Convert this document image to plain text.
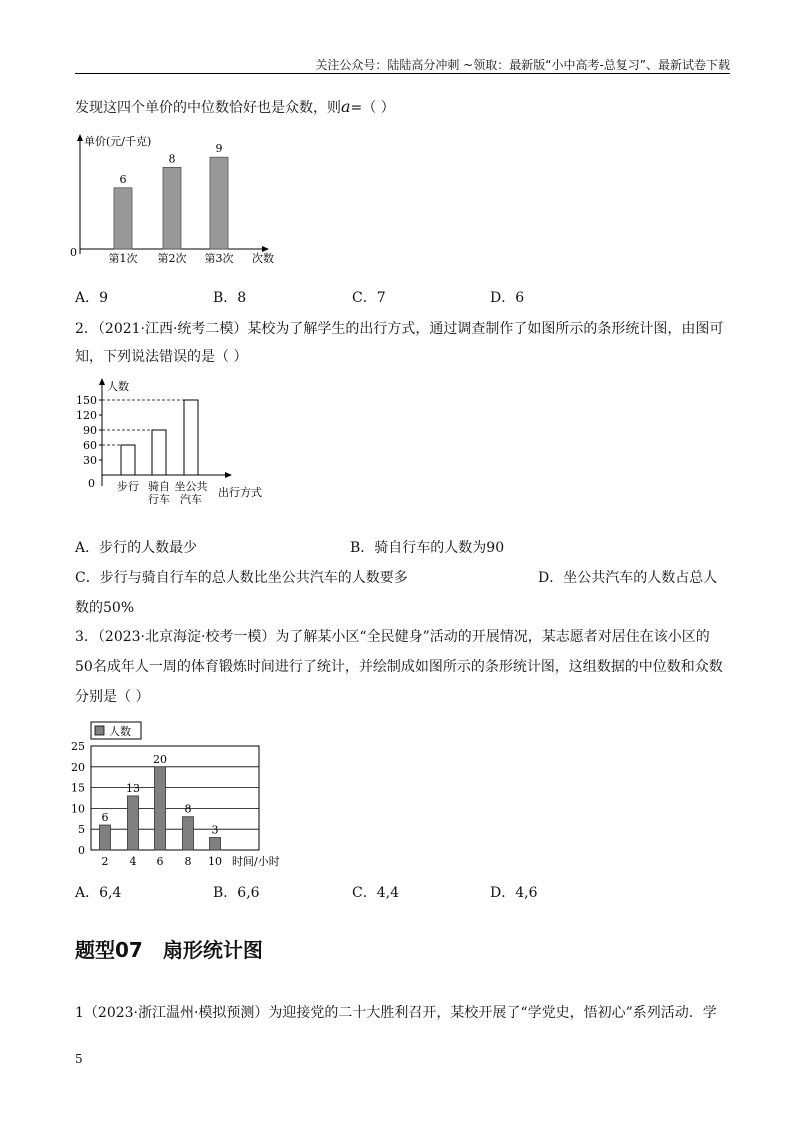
关注公众号：陆陆高分冲刺 ~领取：最新版“小中高考-总复习”、最新试卷下载
发现这四个单价的中位数恰好也是众数，则a=（ ）
单价(元/千克)
0
6
第1次
8
第2次
9
第3次 次数
A．9	B．8	C．7	D．6
2．（2021·江西·统考二模）某校为了解学生的出行方式，通过调查制作了如图所示的条形统计图，由图可
知，下列说法错误的是（ ）
人数
0
150
120
90
60
30
步行 骑自
行车
坐公共
汽车
出行方式
A．步行的人数最少	B．骑自行车的人数为90
C．步行与骑自行车的总人数比坐公共汽车的人数要多	D．坐公共汽车的人数占总人
数的50%
3．（2023·北京海淀·校考一模）为了解某小区“全民健身”活动的开展情况，某志愿者对居住在该小区的
50名成年人一周的体育锻炼时间进行了统计，并绘制成如图所示的条形统计图，这组数据的中位数和众数
分别是（ ）
人数
25
20
15
10
5
0
6
2
13
4
20
6
8
8
3
10 时间/小时
A．6,4	B．6,6	C．4,4	D．4,6
题型07　扇形统计图
1（2023·浙江温州·模拟预测）为迎接党的二十大胜利召开，某校开展了“学党史，悟初心”系列活动．学
5
